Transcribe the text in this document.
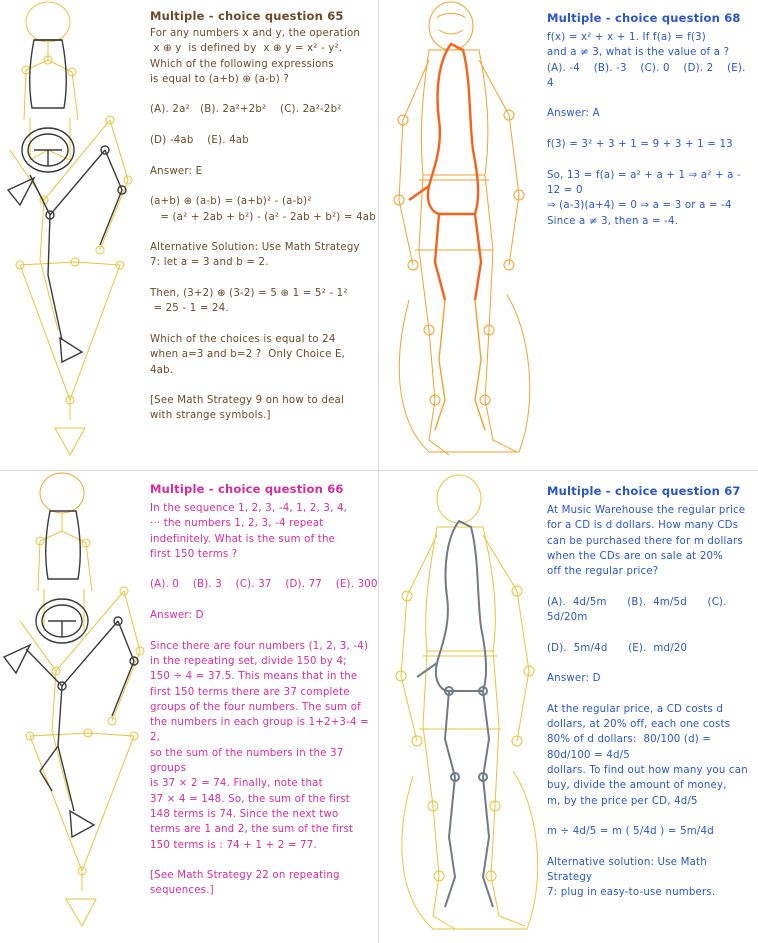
Multiple - choice question 65
For any numbers x and y, the operation
x ⊕ y  is defined by  x ⊕ y = x² - y².
Which of the following expressions
is equal to (a+b) ⊕ (a-b) ?

(A). 2a²   (B). 2a²+2b²    (C). 2a²-2b²

(D) -4ab    (E). 4ab

Answer: E

(a+b) ⊕ (a-b) = (a+b)² - (a-b)²
= (a² + 2ab + b²) - (a² - 2ab + b²) = 4ab

Alternative Solution: Use Math Strategy
7: let a = 3 and b = 2.

Then, (3+2) ⊕ (3-2) = 5 ⊕ 1 = 5² - 1²
= 25 - 1 = 24.

Which of the choices is equal to 24
when a=3 and b=2 ?  Only Choice E,
4ab.

[See Math Strategy 9 on how to deal
with strange symbols.]
Multiple - choice question 68
f(x) = x² + x + 1. If f(a) = f(3)
and a ≠ 3, what is the value of a ?
(A). -4    (B). -3    (C). 0    (D). 2    (E). 4

Answer: A

f(3) = 3² + 3 + 1 = 9 + 3 + 1 = 13

So, 13 = f(a) = a² + a + 1 ⇒ a² + a - 12 = 0
⇒ (a-3)(a+4) = 0 ⇒ a = 3 or a = -4
Since a ≠ 3, then a = -4.
Multiple - choice question 66
In the sequence 1, 2, 3, -4, 1, 2, 3, 4,
··· the numbers 1, 2, 3, -4 repeat
indefinitely. What is the sum of the
first 150 terms ?

(A). 0    (B). 3    (C). 37    (D). 77    (E). 300

Answer: D

Since there are four numbers (1, 2, 3, -4)
in the repeating set, divide 150 by 4;
150 ÷ 4 = 37.5. This means that in the
first 150 terms there are 37 complete
groups of the four numbers. The sum of
the numbers in each group is 1+2+3-4 = 2,
so the sum of the numbers in the 37 groups
is 37 × 2 = 74. Finally, note that
37 × 4 = 148. So, the sum of the first
148 terms is 74. Since the next two
terms are 1 and 2, the sum of the first
150 terms is : 74 + 1 + 2 = 77.

[See Math Strategy 22 on repeating
sequences.]
Multiple - choice question 67
At Music Warehouse the regular price
for a CD is d dollars. How many CDs
can be purchased there for m dollars
when the CDs are on sale at 20%
off the regular price?

(A).  4d/5m      (B).  4m/5d      (C).  5d/20m

(D).  5m/4d      (E).  md/20

Answer: D

At the regular price, a CD costs d
dollars, at 20% off, each one costs
80% of d dollars:  80/100 (d) = 80d/100 = 4d/5
dollars. To find out how many you can
buy, divide the amount of money,
m, by the price per CD, 4d/5

m ÷ 4d/5 = m ( 5/4d ) = 5m/4d

Alternative solution: Use Math Strategy
7: plug in easy-to-use numbers.
